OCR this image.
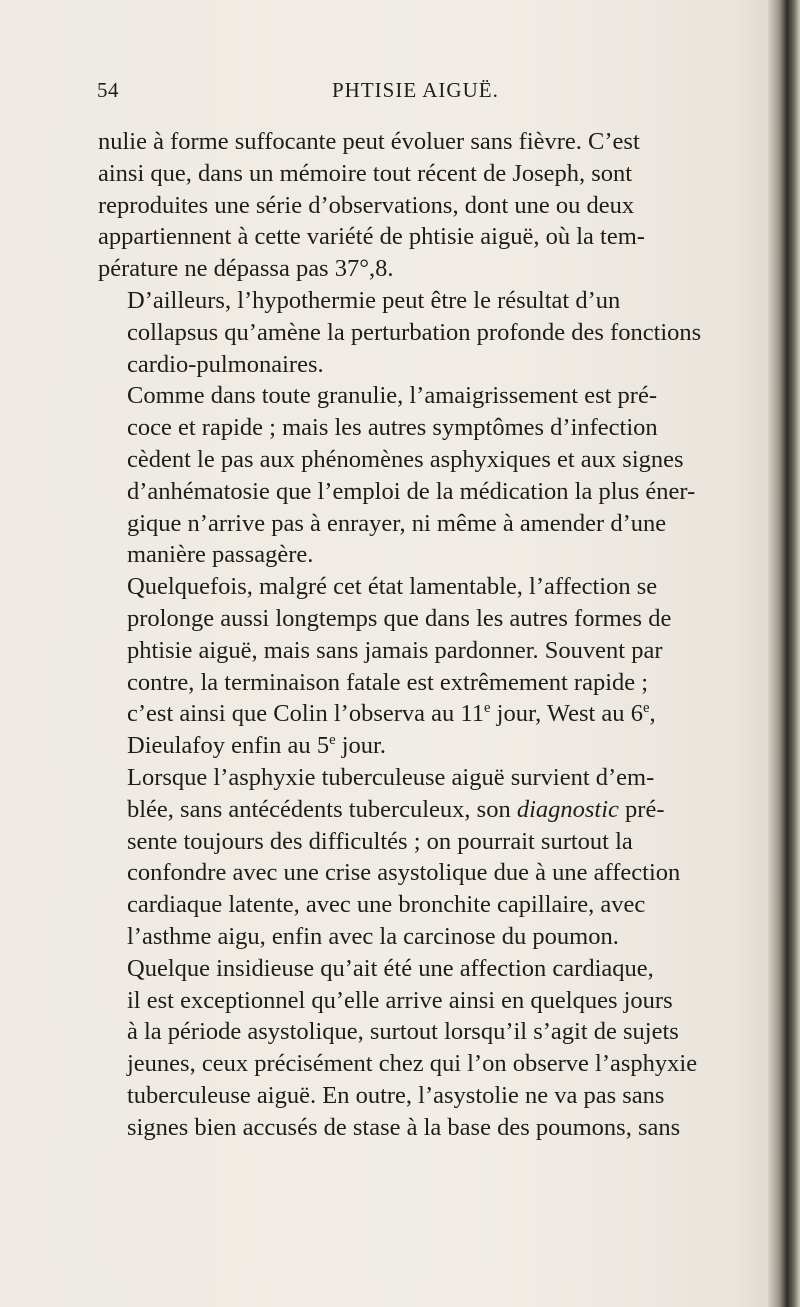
54	PHTISIE AIGUË.

nulie à forme suffocante peut évoluer sans fièvre. C’est
ainsi que, dans un mémoire tout récent de Joseph, sont
reproduites une série d’observations, dont une ou deux
appartiennent à cette variété de phtisie aiguë, où la tem-
pérature ne dépassa pas 37°,8.

D’ailleurs, l’hypothermie peut être le résultat d’un
collapsus qu’amène la perturbation profonde des fonctions
cardio-pulmonaires.

Comme dans toute granulie, l’amaigrissement est pré-
coce et rapide ; mais les autres symptômes d’infection
cèdent le pas aux phénomènes asphyxiques et aux signes
d’anhématosie que l’emploi de la médication la plus éner-
gique n’arrive pas à enrayer, ni même à amender d’une
manière passagère.

Quelquefois, malgré cet état lamentable, l’affection se
prolonge aussi longtemps que dans les autres formes de
phtisie aiguë, mais sans jamais pardonner. Souvent par
contre, la terminaison fatale est extrêmement rapide ;
c’est ainsi que Colin l’observa au 11e jour, West au 6e,
Dieulafoy enfin au 5e jour.

Lorsque l’asphyxie tuberculeuse aiguë survient d’em-
blée, sans antécédents tuberculeux, son diagnostic pré-
sente toujours des difficultés ; on pourrait surtout la
confondre avec une crise asystolique due à une affection
cardiaque latente, avec une bronchite capillaire, avec
l’asthme aigu, enfin avec la carcinose du poumon.

Quelque insidieuse qu’ait été une affection cardiaque,
il est exceptionnel qu’elle arrive ainsi en quelques jours
à la période asystolique, surtout lorsqu’il s’agit de sujets
jeunes, ceux précisément chez qui l’on observe l’asphyxie
tuberculeuse aiguë. En outre, l’asystolie ne va pas sans
signes bien accusés de stase à la base des poumons, sans
